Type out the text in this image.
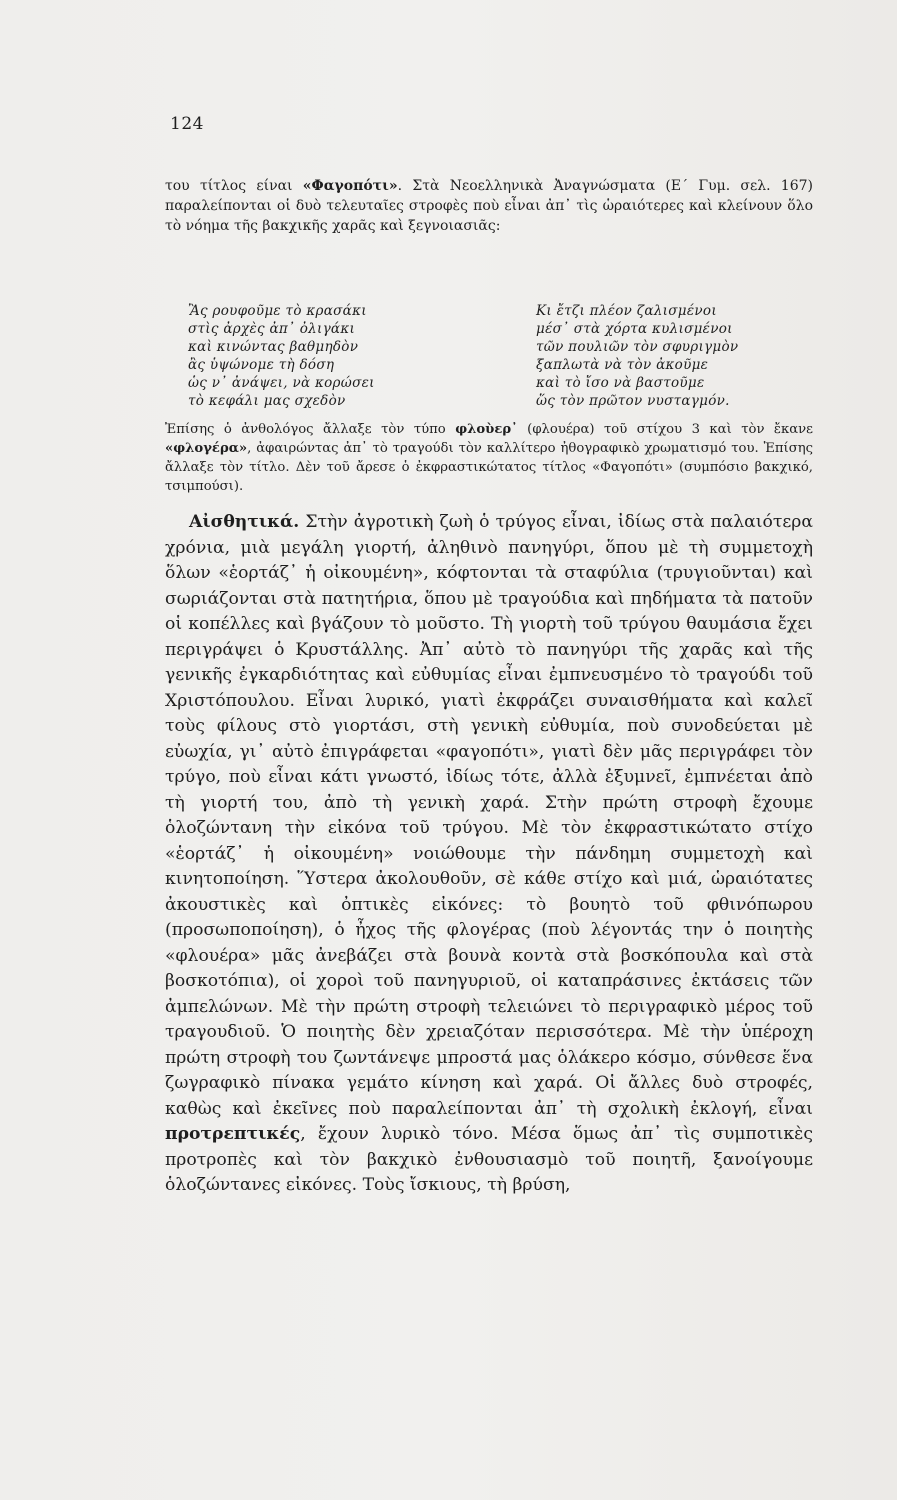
124
του τίτλος είναι «Φαγοπότι». Στὰ Νεοελληνικὰ Ἀναγνώσματα (Ε΄ Γυμ. σελ. 167) παραλείπονται οἱ δυὸ τελευταῖες στροφὲς ποὺ εἶναι ἀπ᾽ τὶς ὡραιότερες καὶ κλείνουν ὅλο τὸ νόημα τῆς βακχικῆς χαρᾶς καὶ ξεγνοιασιᾶς:
Ἂς ρουφοῦμε τὸ κρασάκι
στὶς ἀρχὲς ἀπ᾽ ὀλιγάκι
καὶ κινώντας βαθμηδὸν
ἂς ὑψώνομε τὴ δόση
ὡς ν᾽ ἀνάψει, νὰ κορώσει
τὸ κεφάλι μας σχεδὸν
Κι ἔτζι πλέον ζαλισμένοι
μέσ᾽ στὰ χόρτα κυλισμένοι
τῶν πουλιῶν τὸν σφυριγμὸν
ξαπλωτὰ νὰ τὸν ἀκοῦμε
καὶ τὸ ἴσο νὰ βαστοῦμε
ὥς τὸν πρῶτον νυσταγμόν.
Ἐπίσης ὁ ἀνθολόγος ἄλλαξε τὸν τύπο φλοὺερ᾽ (φλουέρα) τοῦ στίχου 3 καὶ τὸν ἔκανε «φλογέρα», ἀφαιρώντας ἀπ᾽ τὸ τραγούδι τὸν καλλίτερο ἠθογραφικὸ χρωματισμό του. Ἐπίσης ἄλλαξε τὸν τίτλο. Δὲν τοῦ ἄρεσε ὁ ἐκφραστικώτατος τίτλος «Φαγοπότι» (συμπόσιο βακχικό, τσιμπούσι).
Αἰσθητικά. Στὴν ἀγροτικὴ ζωὴ ὁ τρύγος εἶναι, ἰδίως στὰ παλαιότερα χρόνια, μιὰ μεγάλη γιορτή, ἀληθινὸ πανηγύρι, ὅπου μὲ τὴ συμμετοχὴ ὅλων «ἑορτάζ᾽ ἡ οἰκουμένη», κόφτονται τὰ σταφύλια (τρυγιοῦνται) καὶ σωριάζονται στὰ πατητήρια, ὅπου μὲ τραγούδια καὶ πηδήματα τὰ πατοῦν οἱ κοπέλλες καὶ βγάζουν τὸ μοῦστο. Τὴ γιορτὴ τοῦ τρύγου θαυμάσια ἔχει περιγράψει ὁ Κρυστάλλης. Ἀπ᾽ αὐτὸ τὸ πανηγύρι τῆς χαρᾶς καὶ τῆς γενικῆς ἐγκαρδιότητας καὶ εὐθυμίας εἶναι ἐμπνευσμένο τὸ τραγούδι τοῦ Χριστόπουλου. Εἶναι λυρικό, γιατὶ ἐκφράζει συναισθήματα καὶ καλεῖ τοὺς φίλους στὸ γιορτάσι, στὴ γενικὴ εὐθυμία, ποὺ συνοδεύεται μὲ εὐωχία, γι᾽ αὐτὸ ἐπιγράφεται «φαγοπότι», γιατὶ δὲν μᾶς περιγράφει τὸν τρύγο, ποὺ εἶναι κάτι γνωστό, ἰδίως τότε, ἀλλὰ ἐξυμνεῖ, ἐμπνέεται ἀπὸ τὴ γιορτή του, ἀπὸ τὴ γενικὴ χαρά. Στὴν πρώτη στροφὴ ἔχουμε ὁλοζώντανη τὴν εἰκόνα τοῦ τρύγου. Μὲ τὸν ἐκφραστικώτατο στίχο «ἑορτάζ᾽ ἡ οἰκουμένη» νοιώθουμε τὴν πάνδημη συμμετοχὴ καὶ κινητοποίηση. Ὕστερα ἀκολουθοῦν, σὲ κάθε στίχο καὶ μιά, ὡραιότατες ἀκουστικὲς καὶ ὀπτικὲς εἰκόνες: τὸ βουητὸ τοῦ φθινόπωρου (προσωποποίηση), ὁ ἦχος τῆς φλογέρας (ποὺ λέγοντάς την ὁ ποιητὴς «φλουέρα» μᾶς ἀνεβάζει στὰ βουνὰ κοντὰ στὰ βοσκόπουλα καὶ στὰ βοσκοτόπια), οἱ χοροὶ τοῦ πανηγυριοῦ, οἱ καταπράσινες ἐκτάσεις τῶν ἀμπελώνων. Μὲ τὴν πρώτη στροφὴ τελειώνει τὸ περιγραφικὸ μέρος τοῦ τραγουδιοῦ. Ὁ ποιητὴς δὲν χρειαζόταν περισσότερα. Μὲ τὴν ὑπέροχη πρώτη στροφὴ του ζωντάνεψε μπροστά μας ὁλάκερο κόσμο, σύνθεσε ἕνα ζωγραφικὸ πίνακα γεμάτο κίνηση καὶ χαρά. Οἱ ἄλλες δυὸ στροφές, καθὼς καὶ ἐκεῖνες ποὺ παραλείπονται ἀπ᾽ τὴ σχολικὴ ἐκλογή, εἶναι προτρεπτικές, ἔχουν λυρικὸ τόνο. Μέσα ὅμως ἀπ᾽ τὶς συμποτικὲς προτροπὲς καὶ τὸν βακχικὸ ἐνθουσιασμὸ τοῦ ποιητῆ, ξανοίγουμε ὁλοζώντανες εἰκόνες. Τοὺς ἴσκιους, τὴ βρύση,
